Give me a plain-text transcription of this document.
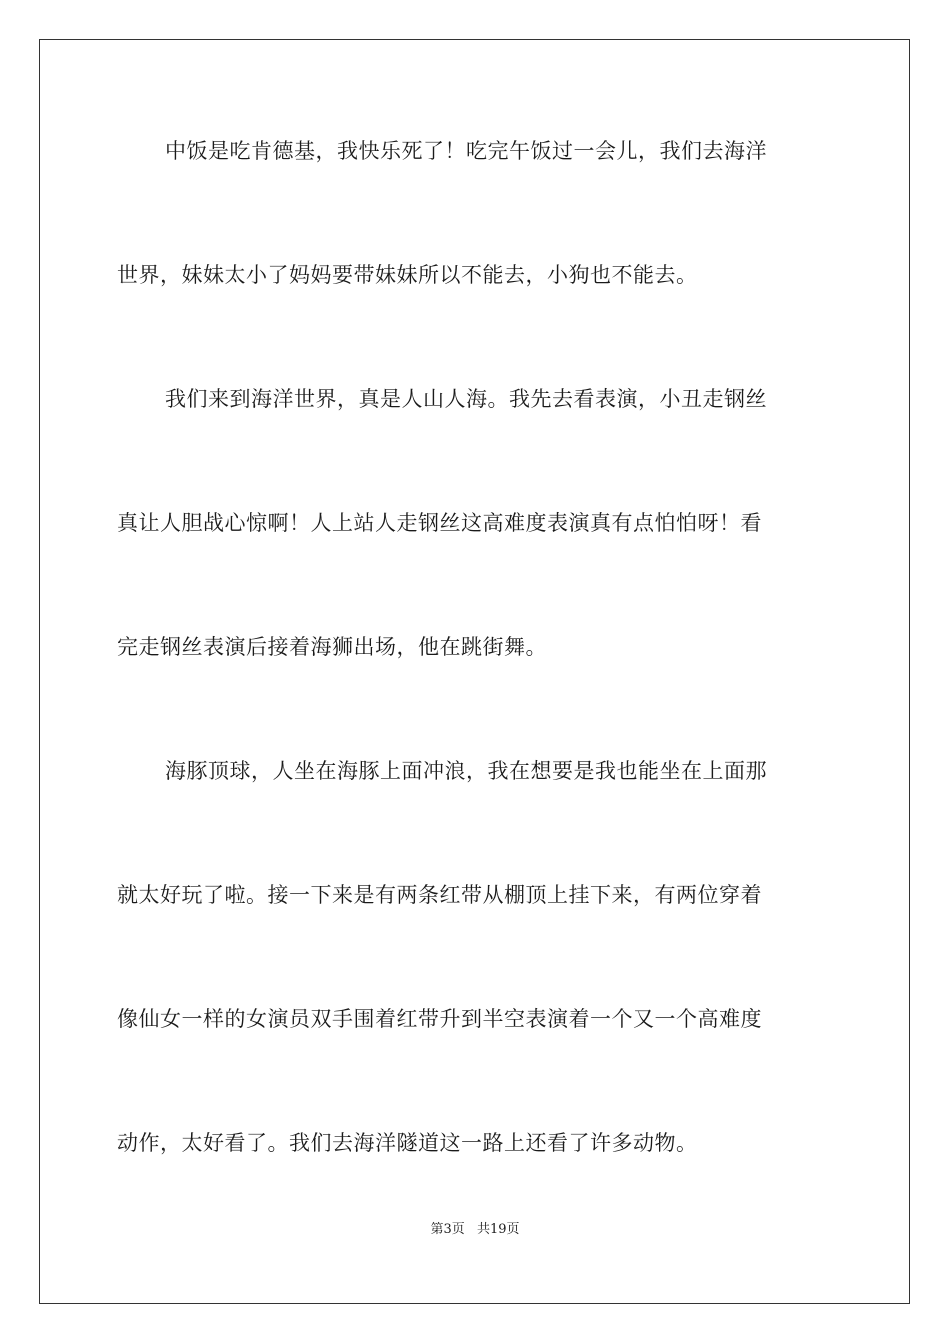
中饭是吃肯德基，我快乐死了！吃完午饭过一会儿，我们去海洋
世界，妹妹太小了妈妈要带妹妹所以不能去，小狗也不能去。
我们来到海洋世界，真是人山人海。我先去看表演，小丑走钢丝
真让人胆战心惊啊！人上站人走钢丝这高难度表演真有点怕怕呀！看
完走钢丝表演后接着海狮出场，他在跳街舞。
海豚顶球，人坐在海豚上面冲浪，我在想要是我也能坐在上面那
就太好玩了啦。接一下来是有两条红带从棚顶上挂下来，有两位穿着
像仙女一样的女演员双手围着红带升到半空表演着一个又一个高难度
动作，太好看了。我们去海洋隧道这一路上还看了许多动物。
第3页 共19页
